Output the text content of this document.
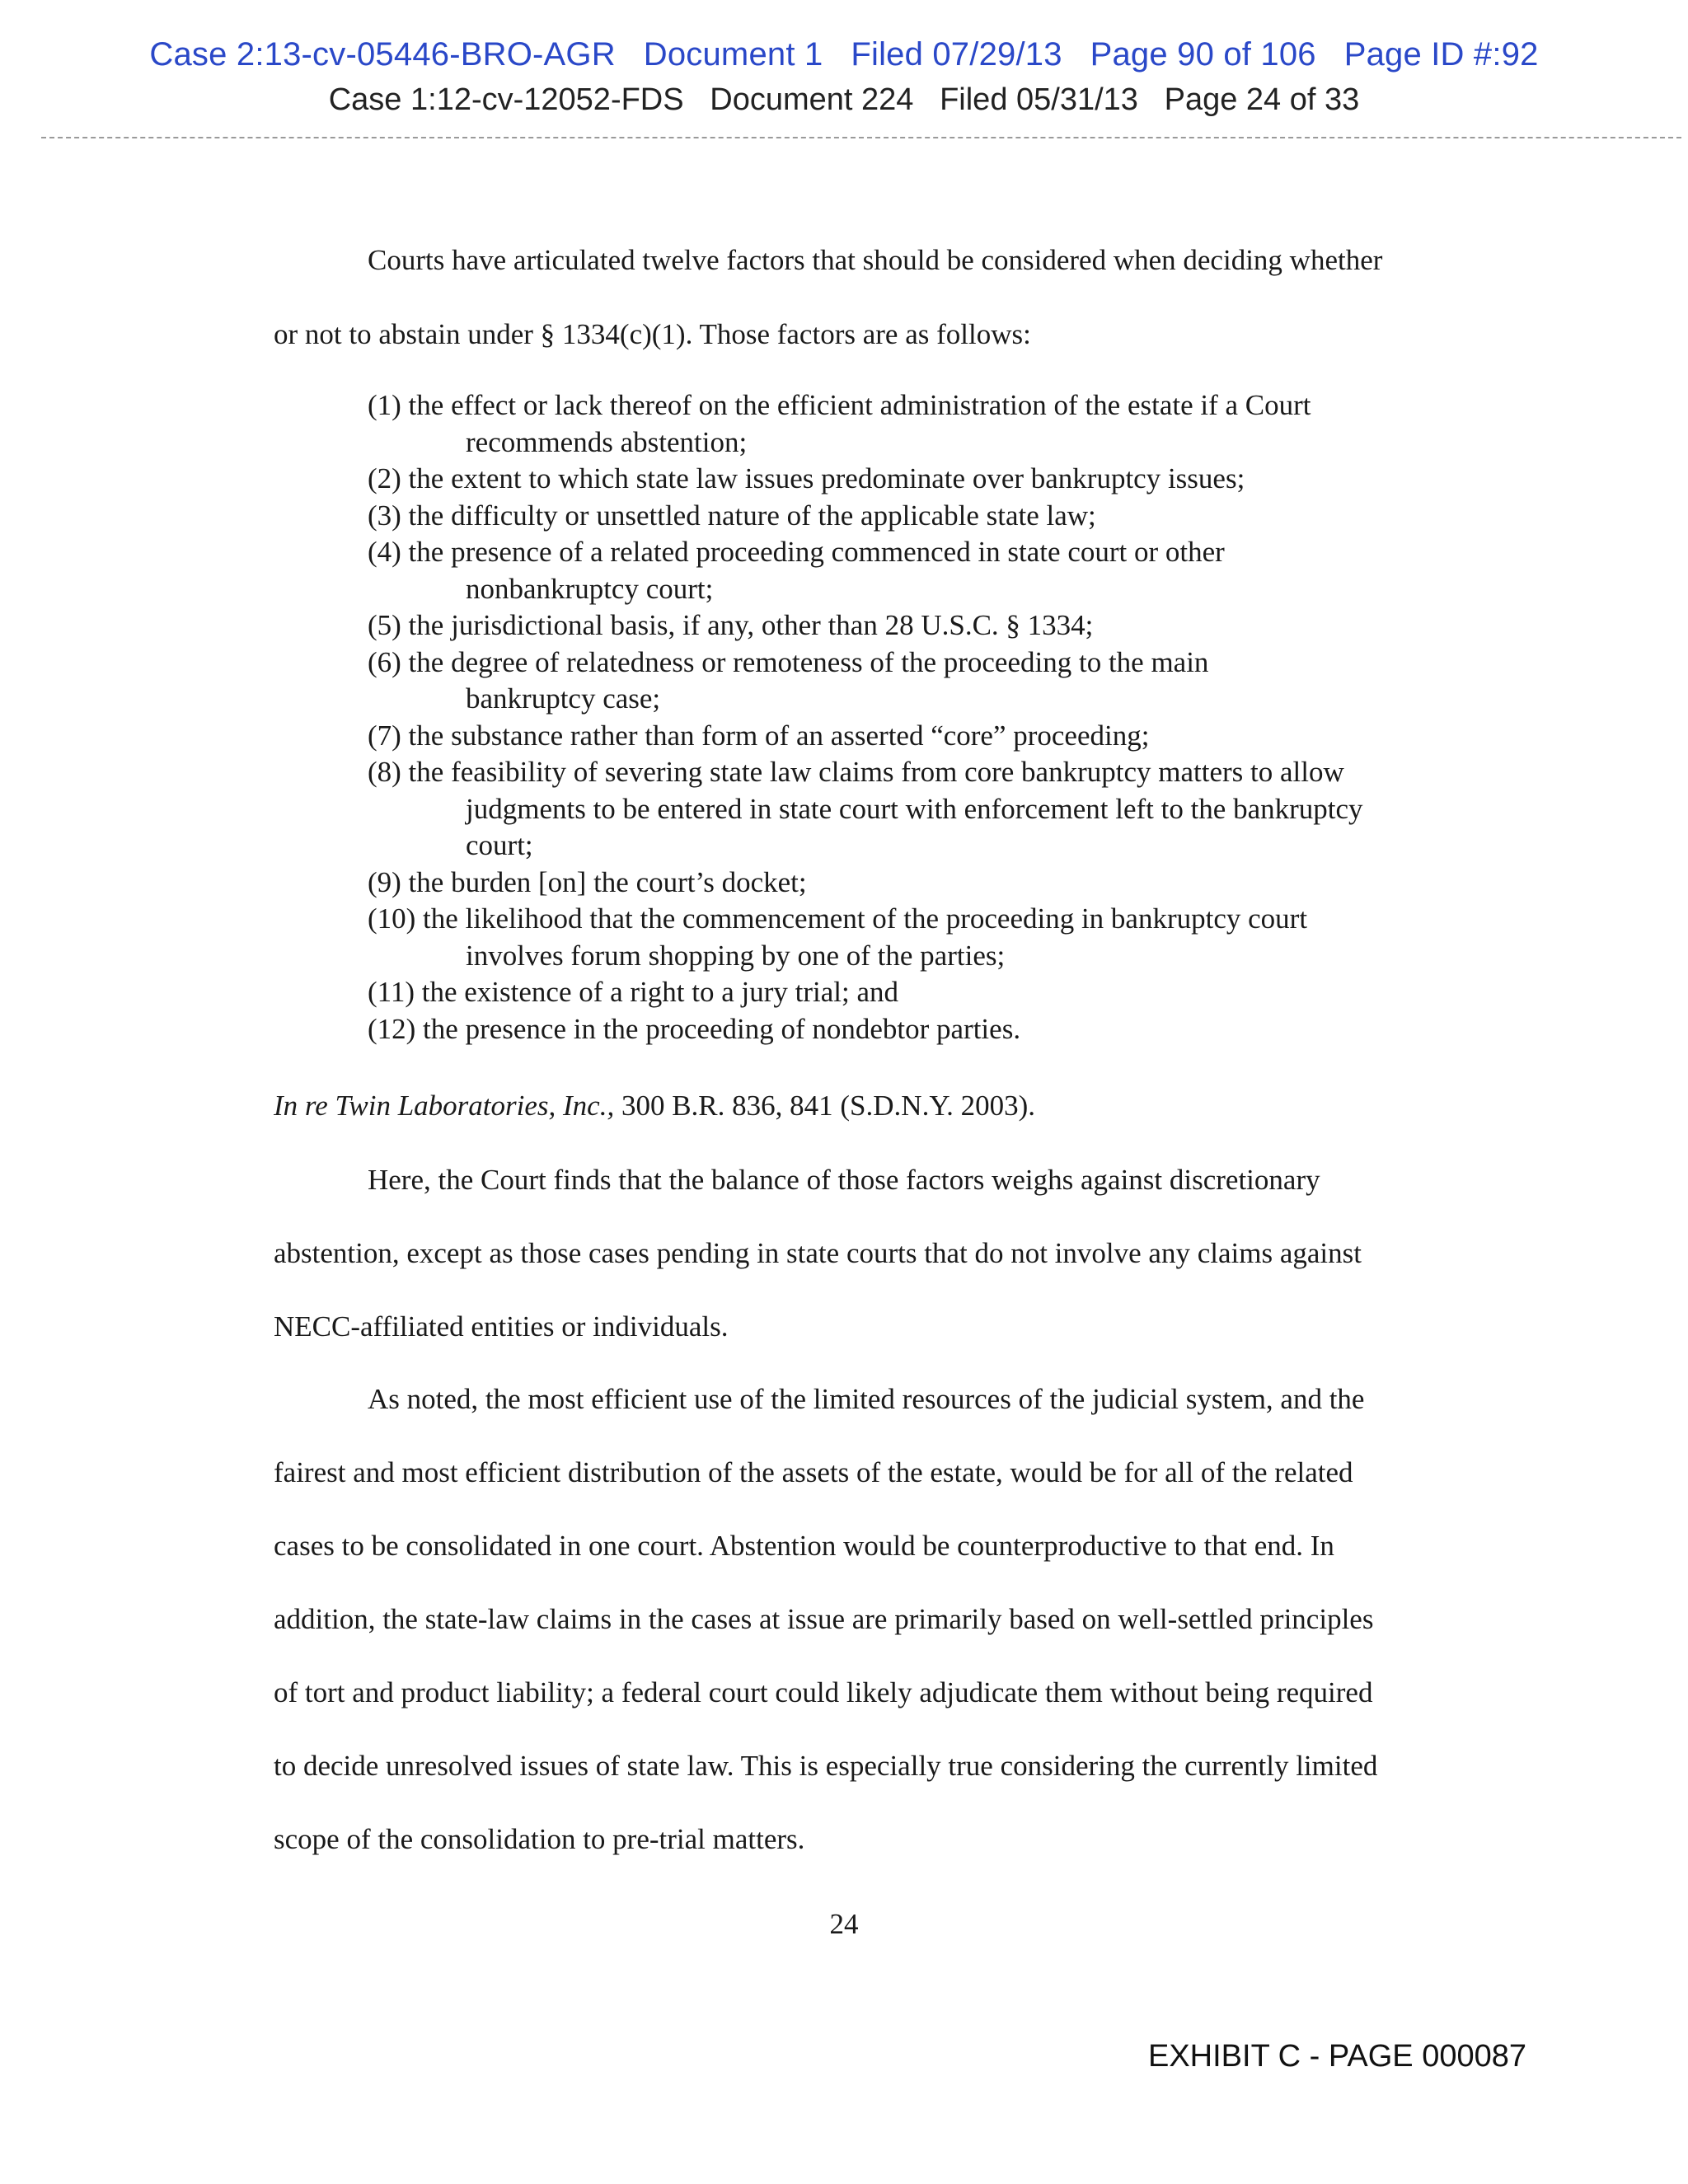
Case 2:13-cv-05446-BRO-AGR   Document 1   Filed 07/29/13   Page 90 of 106   Page ID #:92
Case 1:12-cv-12052-FDS   Document 224   Filed 05/31/13   Page 24 of 33
Courts have articulated twelve factors that should be considered when deciding whether
or not to abstain under § 1334(c)(1). Those factors are as follows:
(1) the effect or lack thereof on the efficient administration of the estate if a Court
recommends abstention;
(2) the extent to which state law issues predominate over bankruptcy issues;
(3) the difficulty or unsettled nature of the applicable state law;
(4) the presence of a related proceeding commenced in state court or other
nonbankruptcy court;
(5) the jurisdictional basis, if any, other than 28 U.S.C. § 1334;
(6) the degree of relatedness or remoteness of the proceeding to the main
bankruptcy case;
(7) the substance rather than form of an asserted “core” proceeding;
(8) the feasibility of severing state law claims from core bankruptcy matters to allow
judgments to be entered in state court with enforcement left to the bankruptcy
court;
(9) the burden [on] the court’s docket;
(10) the likelihood that the commencement of the proceeding in bankruptcy court
involves forum shopping by one of the parties;
(11) the existence of a right to a jury trial; and
(12) the presence in the proceeding of nondebtor parties.
In re Twin Laboratories, Inc., 300 B.R. 836, 841 (S.D.N.Y. 2003).
Here, the Court finds that the balance of those factors weighs against discretionary
abstention, except as those cases pending in state courts that do not involve any claims against
NECC-affiliated entities or individuals.
As noted, the most efficient use of the limited resources of the judicial system, and the
fairest and most efficient distribution of the assets of the estate, would be for all of the related
cases to be consolidated in one court. Abstention would be counterproductive to that end. In
addition, the state-law claims in the cases at issue are primarily based on well-settled principles
of tort and product liability; a federal court could likely adjudicate them without being required
to decide unresolved issues of state law. This is especially true considering the currently limited
scope of the consolidation to pre-trial matters.
24
EXHIBIT C - PAGE 000087
